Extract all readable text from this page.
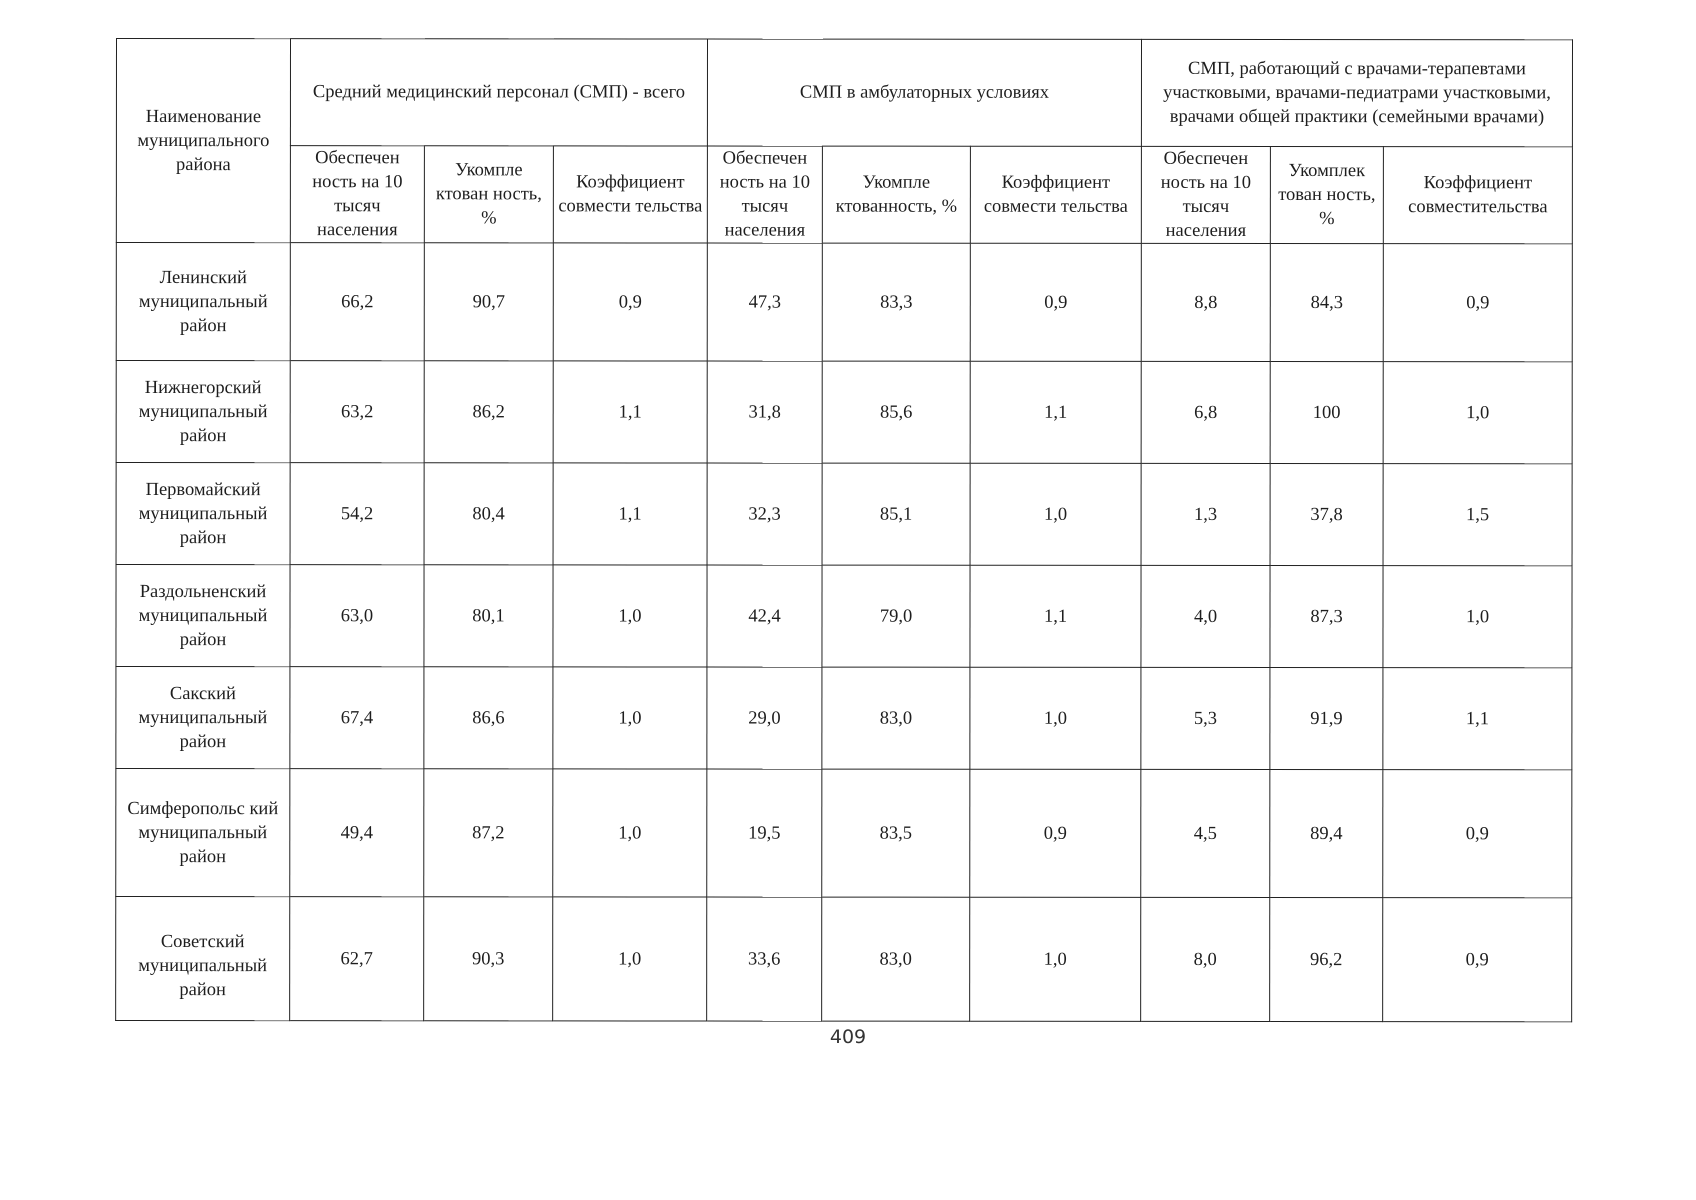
Наименование муниципального района	Средний медицинский персонал (СМП) - всего			СМП в амбулаторных условиях			СМП, работающий с врачами-терапевтами участковыми, врачами-педиатрами участковыми, врачами общей практики (семейными врачами)		
	Обеспечен ность на 10 тысяч населения	Укомпле ктован ность, %	Коэффициент совмести тельства	Обеспечен ность на 10 тысяч населения	Укомпле ктованность, %	Коэффициент совмести тельства	Обеспечен ность на 10 тысяч населения	Укомплек тован ность, %	Коэффициент совместительства
Ленинский муниципальный район	66,2	90,7	0,9	47,3	83,3	0,9	8,8	84,3	0,9
Нижнегорский муниципальный район	63,2	86,2	1,1	31,8	85,6	1,1	6,8	100	1,0
Первомайский муниципальный район	54,2	80,4	1,1	32,3	85,1	1,0	1,3	37,8	1,5
Раздольненский муниципальный район	63,0	80,1	1,0	42,4	79,0	1,1	4,0	87,3	1,0
Сакский муниципальный район	67,4	86,6	1,0	29,0	83,0	1,0	5,3	91,9	1,1
Симферопольс кий муниципальный район	49,4	87,2	1,0	19,5	83,5	0,9	4,5	89,4	0,9
Советский муниципальный район	62,7	90,3	1,0	33,6	83,0	1,0	8,0	96,2	0,9
409
